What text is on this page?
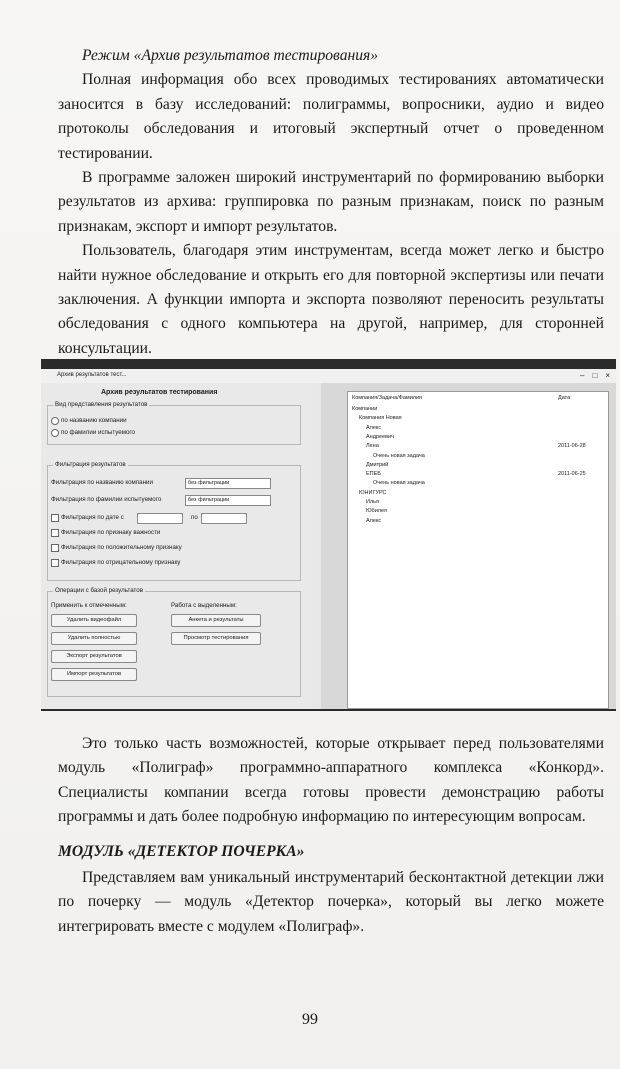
Режим «Архив результатов тестирования»

Полная информация обо всех проводимых тестированиях автоматически заносится в базу исследований: полиграммы, вопросники, аудио и видео протоколы обследования и итоговый экспертный отчет о проведенном тестировании.

В программе заложен широкий инструментарий по формированию выборки результатов из архива: группировка по разным признакам, поиск по разным признакам, экспорт и импорт результатов.

Пользователь, благодаря этим инструментам, всегда может легко и быстро найти нужное обследование и открыть его для повторной экспертизы или печати заключения. А функции импорта и экспорта позволяют переносить результаты обследования с одного компьютера на другой, например, для сторонней консультации.

Архив результатов тест...	– □ ×
Архив результатов тестирования
Вид представления результатов
по названию компании
по фамилии испытуемого
Фильтрация результатов
Фильтрация по названию компании	без фильтрации
Фильтрация по фамилии испытуемого	без фильтрации
Фильтрация по дате с	по
Фильтрация по признаку важности
Фильтрация по положительному признаку
Фильтрация по отрицательному признаку
Операции с базой результатов
Применить к отмеченным:	Работа с выделенным:
Удалить видеофайл
Удалить полностью
Экспорт результатов
Импорт результатов
Анкета и результаты
Просмотр тестирования
Компания/Задача/Фамилия	Дата
Компании
Компания Новая
Алекс
Андреевич
Лена	2011-06-28
Очень новая задача
Дмитрий
ЕПЕБ	2011-06-25
Очень новая задача
ЮНИГУРС
Илья
Юбилея
Алекс

Это только часть возможностей, которые открывает перед пользователями модуль «Полиграф» программно-аппаратного комплекса «Конкорд». Специалисты компании всегда готовы провести демонстрацию работы программы и дать более подробную информацию по интересующим вопросам.

МОДУЛЬ «ДЕТЕКТОР ПОЧЕРКА»

Представляем вам уникальный инструментарий бесконтактной детекции лжи по почерку — модуль «Детектор почерка», который вы легко можете интегрировать вместе с модулем «Полиграф».

99
